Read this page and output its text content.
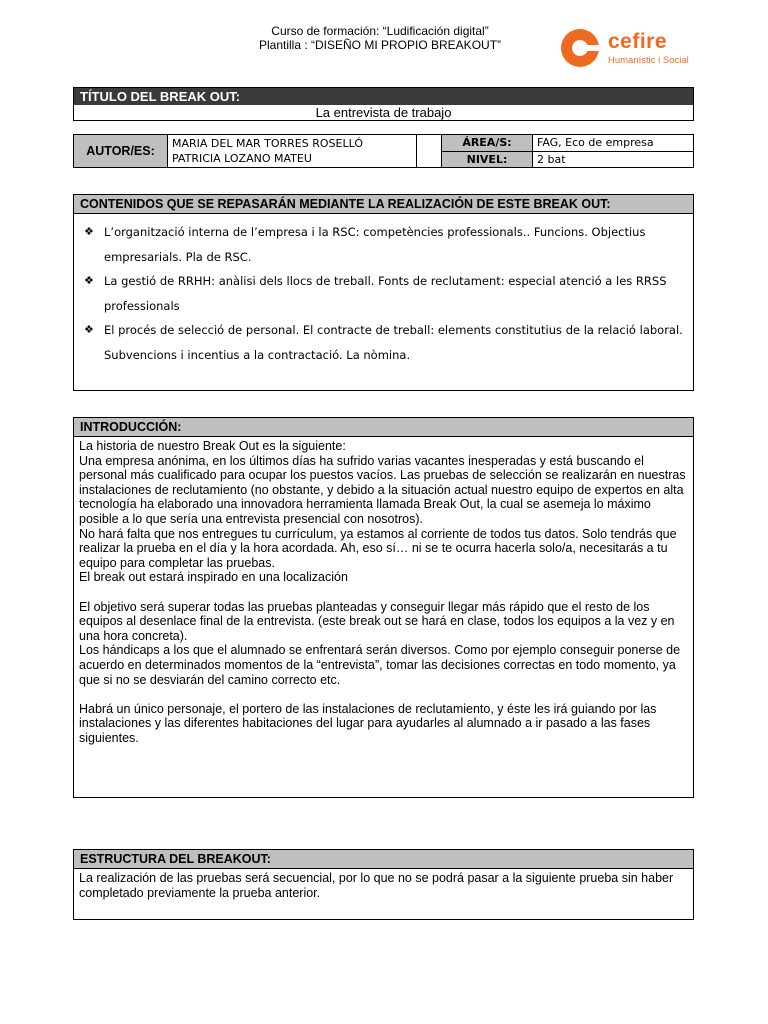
Curso de formación: “Ludificación digital”
Plantilla : “DISEÑO MI PROPIO BREAKOUT”	cefire
Humanístic i Social
TÍTULO DEL BREAK OUT:
La entrevista de trabajo
AUTOR/ES:	MARIA DEL MAR TORRES ROSELLÓ
PATRICIA LOZANO MATEU		ÁREA/S:	FAG, Eco de empresa
			NIVEL:	2 bat
CONTENIDOS QUE SE REPASARÁN MEDIANTE LA REALIZACIÓN DE ESTE BREAK OUT:
❖ L’organització interna de l’empresa i la RSC: competències professionals.. Funcions. Objectius empresarials. Pla de RSC.
❖ La gestió de RRHH: anàlisi dels llocs de treball. Fonts de reclutament: especial atenció a les RRSS professionals
❖ El procés de selecció de personal. El contracte de treball: elements constitutius de la relació laboral. Subvencions i incentius a la contractació. La nòmina.
INTRODUCCIÓN:

La historia de nuestro Break Out es la siguiente:
Una empresa anónima, en los últimos días ha sufrido varias vacantes inesperadas y está buscando el personal más cualificado para ocupar los puestos vacíos. Las pruebas de selección se realizarán en nuestras instalaciones de reclutamiento (no obstante, y debido a la situación actual nuestro equipo de expertos en alta tecnología ha elaborado una innovadora herramienta llamada Break Out, la cual se asemeja lo máximo posible a lo que sería una entrevista presencial con nosotros).
No hará falta que nos entregues tu currículum, ya estamos al corriente de todos tus datos. Solo tendrás que realizar la prueba en el día y la hora acordada. Ah, eso sí… ni se te ocurra hacerla solo/a, necesitarás a tu equipo para completar las pruebas.
El break out estará inspirado en una localización

El objetivo será superar todas las pruebas planteadas y conseguir llegar más rápido que el resto de los equipos al desenlace final de la entrevista. (este break out se hará en clase, todos los equipos a la vez y en una hora concreta).
Los hándicaps a los que el alumnado se enfrentará serán diversos. Como por ejemplo conseguir ponerse de acuerdo en determinados momentos de la “entrevista”, tomar las decisiones correctas en todo momento, ya que si no se desviarán del camino correcto etc.

Habrá un único personaje, el portero de las instalaciones de reclutamiento, y éste les irá guiando por las instalaciones y las diferentes habitaciones del lugar para ayudarles al alumnado a ir pasado a las fases siguientes.

ESTRUCTURA DEL BREAKOUT:
La realización de las pruebas será secuencial, por lo que no se podrá pasar a la siguiente prueba sin haber completado previamente la prueba anterior.
